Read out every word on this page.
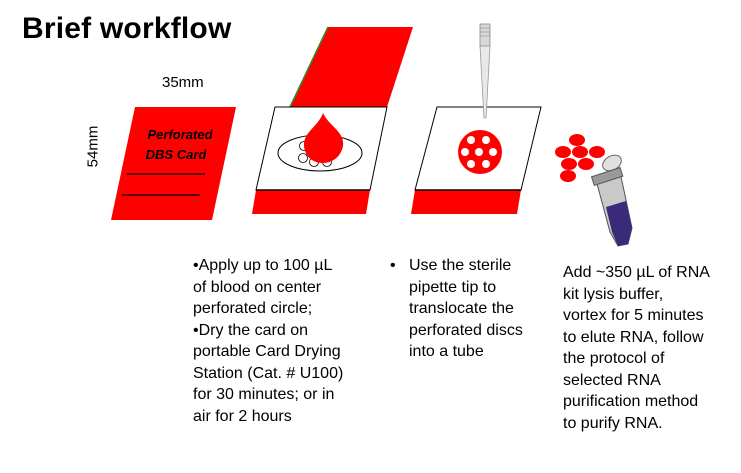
Brief workflow
Perforated
DBS Card
35mm
54mm
•Apply up to 100 µL
of blood on center
perforated circle;
•Dry the card on
portable Card Drying
Station (Cat. # U100)
for 30 minutes; or in
air for 2 hours
• Use the sterile
pipette tip to
translocate the
perforated discs
into a tube
Add ~350 µL of RNA
kit lysis buffer,
vortex for 5 minutes
to elute RNA, follow
the protocol of
selected RNA
purification method
to purify RNA.
